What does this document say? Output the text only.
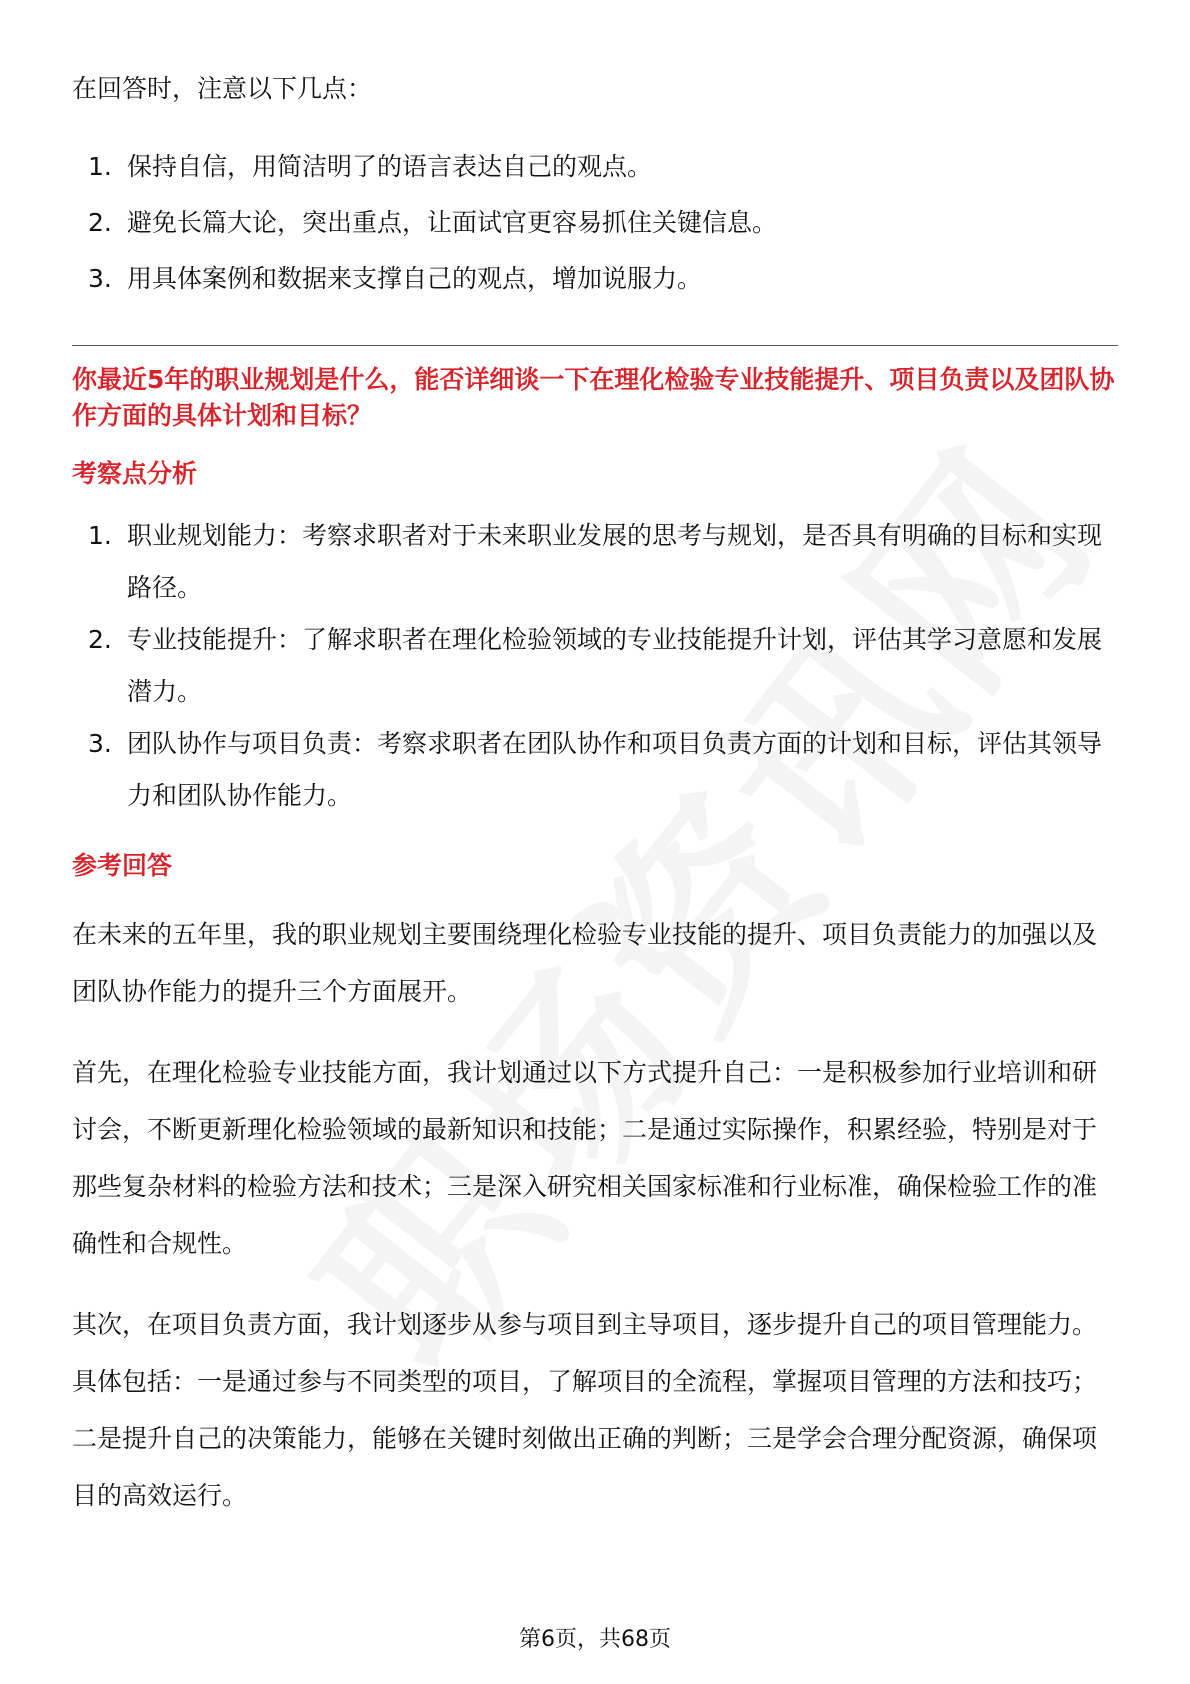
在回答时，注意以下几点：

1. 保持自信，用简洁明了的语言表达自己的观点。
2. 避免长篇大论，突出重点，让面试官更容易抓住关键信息。
3. 用具体案例和数据来支撑自己的观点，增加说服力。

你最近5年的职业规划是什么，能否详细谈一下在理化检验专业技能提升、项目负责以及团队协作方面的具体计划和目标？

考察点分析

1. 职业规划能力：考察求职者对于未来职业发展的思考与规划，是否具有明确的目标和实现路径。
2. 专业技能提升：了解求职者在理化检验领域的专业技能提升计划，评估其学习意愿和发展潜力。
3. 团队协作与项目负责：考察求职者在团队协作和项目负责方面的计划和目标，评估其领导力和团队协作能力。

参考回答

在未来的五年里，我的职业规划主要围绕理化检验专业技能的提升、项目负责能力的加强以及团队协作能力的提升三个方面展开。

首先，在理化检验专业技能方面，我计划通过以下方式提升自己：一是积极参加行业培训和研讨会，不断更新理化检验领域的最新知识和技能；二是通过实际操作，积累经验，特别是对于那些复杂材料的检验方法和技术；三是深入研究相关国家标准和行业标准，确保检验工作的准确性和合规性。

其次，在项目负责方面，我计划逐步从参与项目到主导项目，逐步提升自己的项目管理能力。具体包括：一是通过参与不同类型的项目，了解项目的全流程，掌握项目管理的方法和技巧；二是提升自己的决策能力，能够在关键时刻做出正确的判断；三是学会合理分配资源，确保项目的高效运行。

第6页，共68页
